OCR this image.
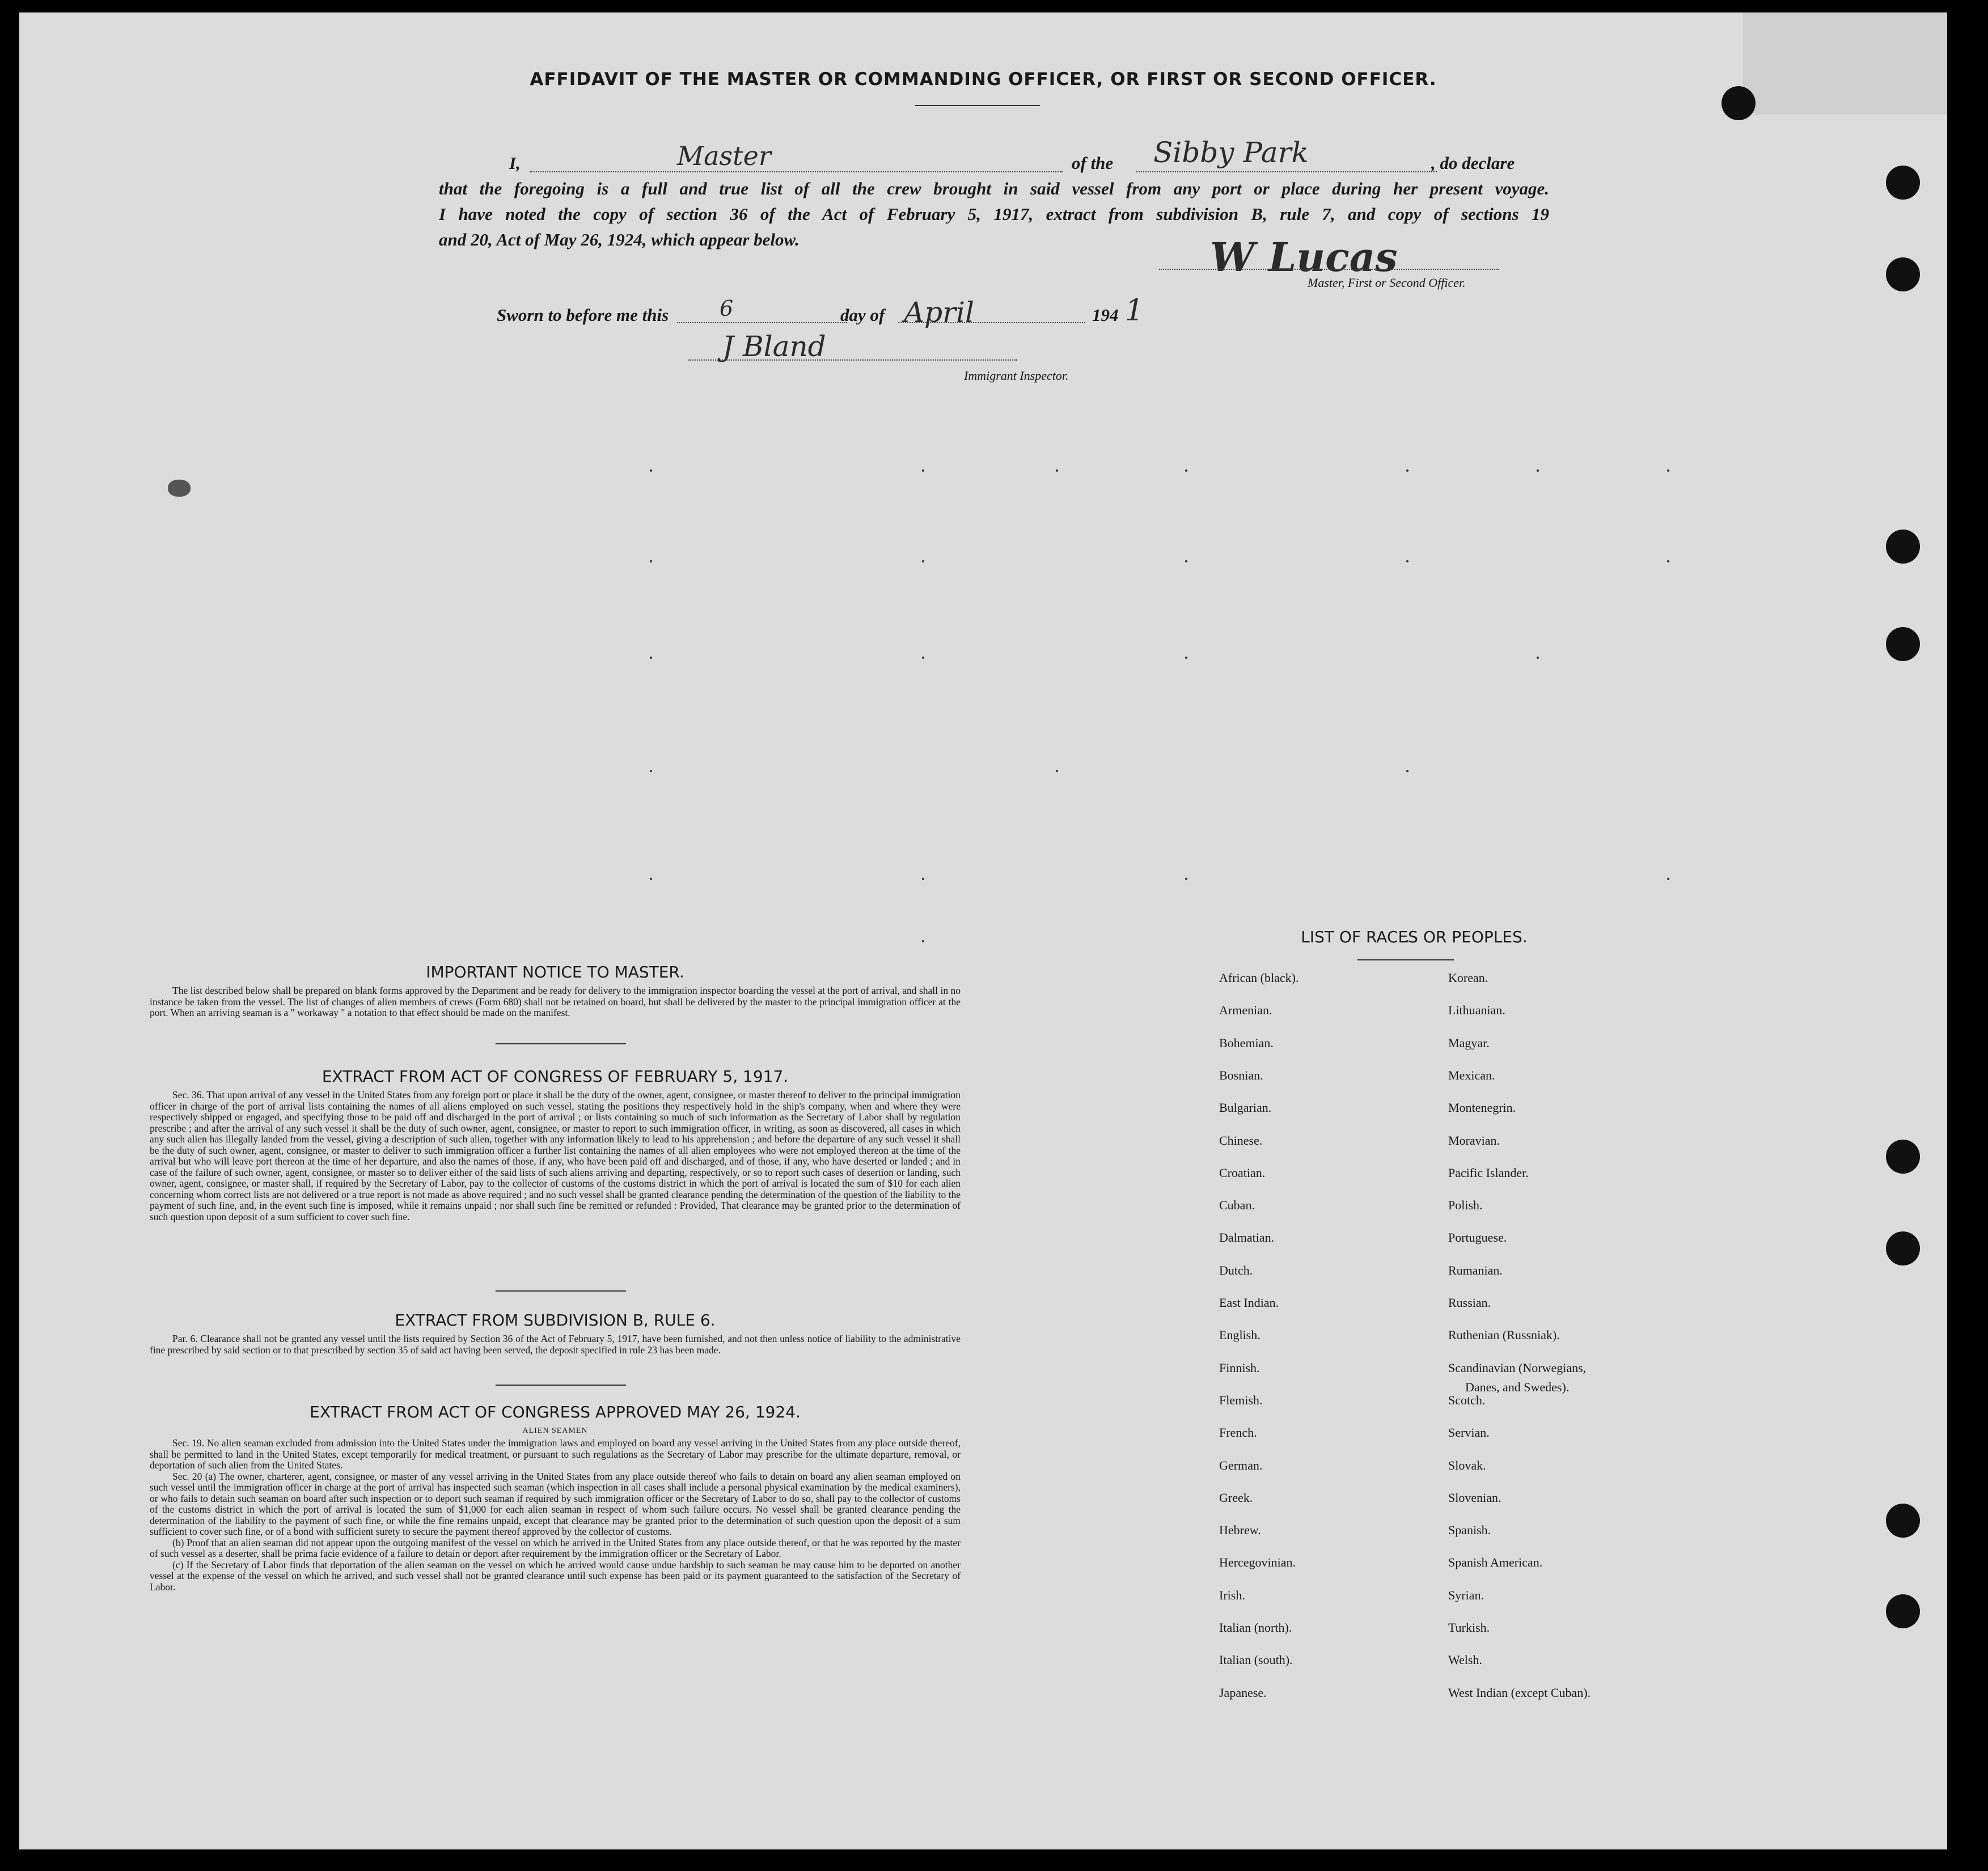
AFFIDAVIT OF THE MASTER OR COMMANDING OFFICER, OR FIRST OR SECOND OFFICER.
I,	Master	of the Sibby Park	, do declare
that the foregoing is a full and true list of all the crew brought in said vessel from any port or place during her present voyage.
I have noted the copy of section 36 of the Act of February 5, 1917, extract from subdivision B, rule 7, and copy of sections 19
and 20, Act of May 26, 1924, which appear below.	W Lucas
Master, First or Second Officer.
Sworn to before me this 6	day of April	194 1
J Bland
Immigrant Inspector.
IMPORTANT NOTICE TO MASTER.
The list described below shall be prepared on blank forms approved by the Department and be ready for delivery to the immigration inspector boarding the vessel at the port of arrival, and shall in no instance be taken from the vessel. The list of changes of alien members of crews (Form 680) shall not be retained on board, but shall be delivered by the master to the principal immigration officer at the port. When an arriving seaman is a " workaway " a notation to that effect should be made on the manifest.
EXTRACT FROM ACT OF CONGRESS OF FEBRUARY 5, 1917.
Sec. 36. That upon arrival of any vessel in the United States from any foreign port or place it shall be the duty of the owner, agent, consignee, or master thereof to deliver to the principal immigration officer in charge of the port of arrival lists containing the names of all aliens employed on such vessel, stating the positions they respectively hold in the ship's company, when and where they were respectively shipped or engaged, and specifying those to be paid off and discharged in the port of arrival ; or lists containing so much of such information as the Secretary of Labor shall by regulation prescribe ; and after the arrival of any such vessel it shall be the duty of such owner, agent, consignee, or master to report to such immigration officer, in writing, as soon as discovered, all cases in which any such alien has illegally landed from the vessel, giving a description of such alien, together with any information likely to lead to his apprehension ; and before the departure of any such vessel it shall be the duty of such owner, agent, consignee, or master to deliver to such immigration officer a further list containing the names of all alien employees who were not employed thereon at the time of the arrival but who will leave port thereon at the time of her departure, and also the names of those, if any, who have been paid off and discharged, and of those, if any, who have deserted or landed ; and in case of the failure of such owner, agent, consignee, or master so to deliver either of the said lists of such aliens arriving and departing, respectively, or so to report such cases of desertion or landing, such owner, agent, consignee, or master shall, if required by the Secretary of Labor, pay to the collector of customs of the customs district in which the port of arrival is located the sum of $10 for each alien concerning whom correct lists are not delivered or a true report is not made as above required ; and no such vessel shall be granted clearance pending the determination of the question of the liability to the payment of such fine, and, in the event such fine is imposed, while it remains unpaid ; nor shall such fine be remitted or refunded : Provided, That clearance may be granted prior to the determination of such question upon deposit of a sum sufficient to cover such fine.
EXTRACT FROM SUBDIVISION B, RULE 6.
Par. 6. Clearance shall not be granted any vessel until the lists required by Section 36 of the Act of February 5, 1917, have been furnished, and not then unless notice of liability to the administrative fine prescribed by said section or to that prescribed by section 35 of said act having been served, the deposit specified in rule 23 has been made.
EXTRACT FROM ACT OF CONGRESS APPROVED MAY 26, 1924.
ALIEN SEAMEN
Sec. 19. No alien seaman excluded from admission into the United States under the immigration laws and employed on board any vessel arriving in the United States from any place outside thereof, shall be permitted to land in the United States, except temporarily for medical treatment, or pursuant to such regulations as the Secretary of Labor may prescribe for the ultimate departure, removal, or deportation of such alien from the United States.
Sec. 20 (a) The owner, charterer, agent, consignee, or master of any vessel arriving in the United States from any place outside thereof who fails to detain on board any alien seaman employed on such vessel until the immigration officer in charge at the port of arrival has inspected such seaman (which inspection in all cases shall include a personal physical examination by the medical examiners), or who fails to detain such seaman on board after such inspection or to deport such seaman if required by such immigration officer or the Secretary of Labor to do so, shall pay to the collector of customs of the customs district in which the port of arrival is located the sum of $1,000 for each alien seaman in respect of whom such failure occurs. No vessel shall be granted clearance pending the determination of the liability to the payment of such fine, or while the fine remains unpaid, except that clearance may be granted prior to the determination of such question upon the deposit of a sum sufficient to cover such fine, or of a bond with sufficient surety to secure the payment thereof approved by the collector of customs.
(b) Proof that an alien seaman did not appear upon the outgoing manifest of the vessel on which he arrived in the United States from any place outside thereof, or that he was reported by the master of such vessel as a deserter, shall be prima facie evidence of a failure to detain or deport after requirement by the immigration officer or the Secretary of Labor.
(c) If the Secretary of Labor finds that deportation of the alien seaman on the vessel on which he arrived would cause undue hardship to such seaman he may cause him to be deported on another vessel at the expense of the vessel on which he arrived, and such vessel shall not be granted clearance until such expense has been paid or its payment guaranteed to the satisfaction of the Secretary of Labor.
LIST OF RACES OR PEOPLES.
African (black).
Armenian.
Bohemian.
Bosnian.
Bulgarian.
Chinese.
Croatian.
Cuban.
Dalmatian.
Dutch.
East Indian.
English.
Finnish.
Flemish.
French.
German.
Greek.
Hebrew.
Hercegovinian.
Irish.
Italian (north).
Italian (south).
Japanese.
Korean.
Lithuanian.
Magyar.
Mexican.
Montenegrin.
Moravian.
Pacific Islander.
Polish.
Portuguese.
Rumanian.
Russian.
Ruthenian (Russniak).
Scandinavian (Norwegians,
Scotch.
Servian.
Slovak.
Slovenian.
Spanish.
Spanish American.
Syrian.
Turkish.
Welsh.
West Indian (except Cuban).
Danes, and Swedes).
